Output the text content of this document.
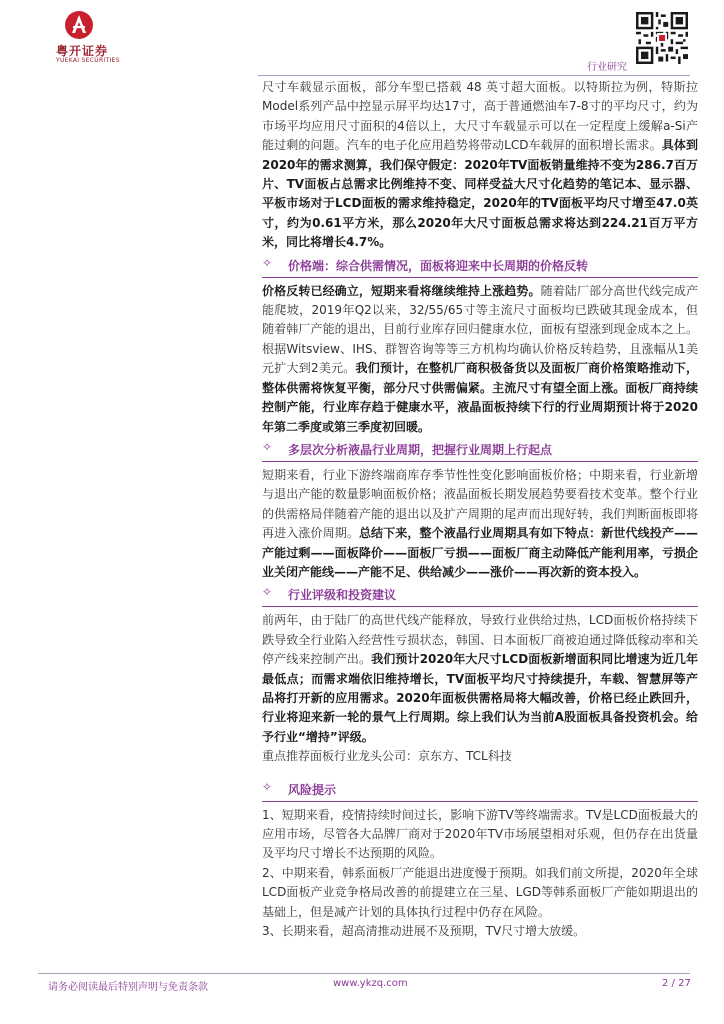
粤开证券
YUEKAI SECURITIES
行业研究

尺寸车载显示面板，部分车型已搭载 48 英寸超大面板。以特斯拉为例，特斯拉Model系列产品中控显示屏平均达17寸，高于普通燃油车7-8寸的平均尺寸，约为市场平均应用尺寸面积的4倍以上，大尺寸车载显示可以在一定程度上缓解a-Si产能过剩的问题。汽车的电子化应用趋势将带动LCD车载屏的面积增长需求。具体到2020年的需求测算，我们保守假定：2020年TV面板销量维持不变为286.7百万片、TV面板占总需求比例维持不变、同样受益大尺寸化趋势的笔记本、显示器、平板市场对于LCD面板的需求维持稳定，2020年的TV面板平均尺寸增至47.0英寸，约为0.61平方米，那么2020年大尺寸面板总需求将达到224.21百万平方米，同比将增长4.7%。

✧ 价格端：综合供需情况，面板将迎来中长周期的价格反转

价格反转已经确立，短期来看将继续维持上涨趋势。随着陆厂部分高世代线完成产能爬坡，2019年Q2以来，32/55/65寸等主流尺寸面板均已跌破其现金成本，但随着韩厂产能的退出，目前行业库存回归健康水位，面板有望涨到现金成本之上。根据Witsview、IHS、群智咨询等等三方机构均确认价格反转趋势，且涨幅从1美元扩大到2美元。我们预计，在整机厂商积极备货以及面板厂商价格策略推动下，整体供需将恢复平衡，部分尺寸供需偏紧。主流尺寸有望全面上涨。面板厂商持续控制产能，行业库存趋于健康水平，液晶面板持续下行的行业周期预计将于2020年第二季度或第三季度初回暖。

✧ 多层次分析液晶行业周期，把握行业周期上行起点

短期来看，行业下游终端商库存季节性性变化影响面板价格；中期来看，行业新增与退出产能的数量影响面板价格；液晶面板长期发展趋势要看技术变革。整个行业的供需格局伴随着产能的退出以及扩产周期的尾声而出现好转，我们判断面板即将再进入涨价周期。总结下来，整个液晶行业周期具有如下特点：新世代线投产——产能过剩——面板降价——面板厂亏损——面板厂商主动降低产能利用率，亏损企业关闭产能线——产能不足、供给减少——涨价——再次新的资本投入。

✧ 行业评级和投资建议

前两年，由于陆厂的高世代线产能释放，导致行业供给过热，LCD面板价格持续下跌导致全行业陷入经营性亏损状态，韩国、日本面板厂商被迫通过降低稼动率和关停产线来控制产出。我们预计2020年大尺寸LCD面板新增面积同比增速为近几年最低点；而需求端依旧维持增长，TV面板平均尺寸持续提升，车载、智慧屏等产品将打开新的应用需求。2020年面板供需格局将大幅改善，价格已经止跌回升，行业将迎来新一轮的景气上行周期。综上我们认为当前A股面板具备投资机会。给予行业“增持”评级。

重点推荐面板行业龙头公司：京东方、TCL科技

✧ 风险提示

1、短期来看，疫情持续时间过长，影响下游TV等终端需求。TV是LCD面板最大的应用市场，尽管各大品牌厂商对于2020年TV市场展望相对乐观，但仍存在出货量及平均尺寸增长不达预期的风险。

2、中期来看，韩系面板厂产能退出进度慢于预期。如我们前文所提，2020年全球LCD面板产业竞争格局改善的前提建立在三星、LGD等韩系面板厂产能如期退出的基础上，但是减产计划的具体执行过程中仍存在风险。

3、长期来看，超高清推动进展不及预期，TV尺寸增大放缓。

请务必阅读最后特别声明与免责条款	www.ykzq.com	2 / 27
